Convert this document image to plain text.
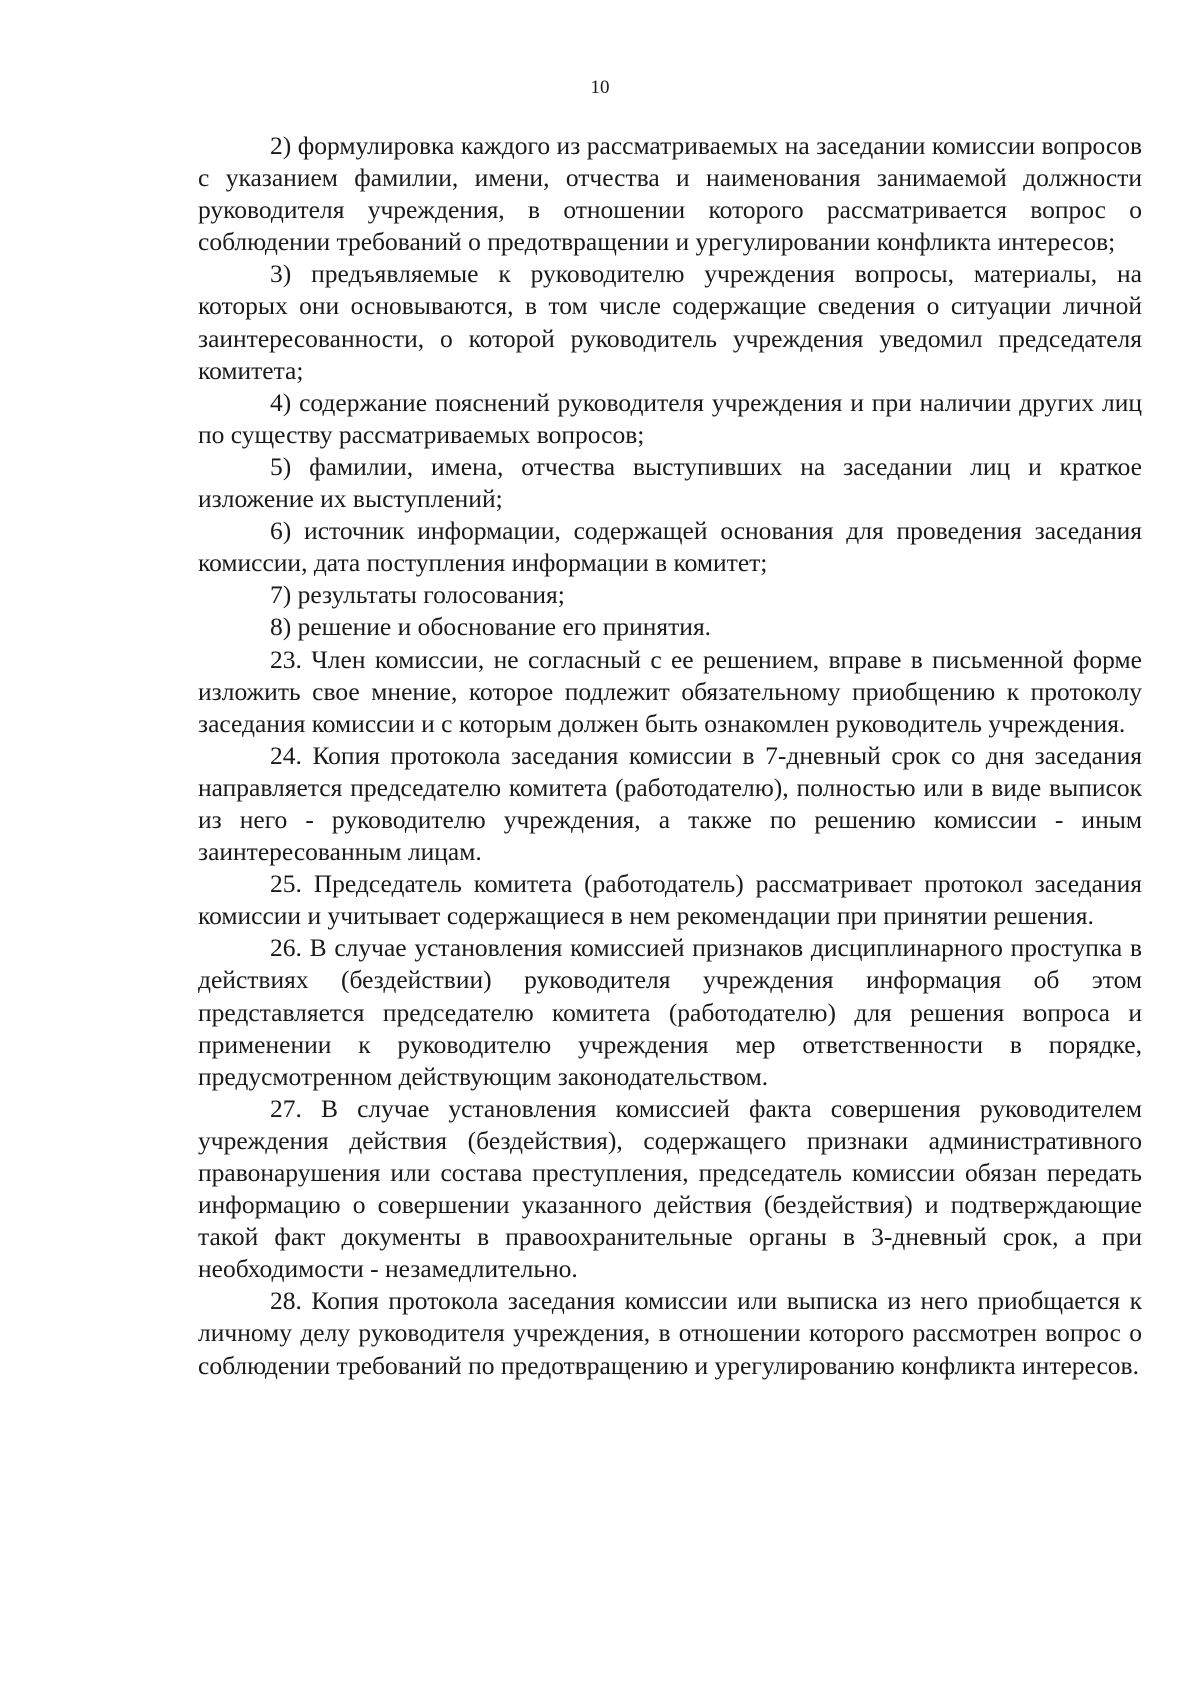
10

2) формулировка каждого из рассматриваемых на заседании комиссии вопросов с указанием фамилии, имени, отчества и наименования занимаемой должности руководителя учреждения, в отношении которого рассматривается вопрос о соблюдении требований о предотвращении и урегулировании конфликта интересов;

3) предъявляемые к руководителю учреждения вопросы, материалы, на которых они основываются, в том числе содержащие сведения о ситуации личной заинтересованности, о которой руководитель учреждения уведомил председателя комитета;

4) содержание пояснений руководителя учреждения и при наличии других лиц по существу рассматриваемых вопросов;

5) фамилии, имена, отчества выступивших на заседании лиц и краткое изложение их выступлений;

6) источник информации, содержащей основания для проведения заседания комиссии, дата поступления информации в комитет;

7) результаты голосования;

8) решение и обоснование его принятия.

23. Член комиссии, не согласный с ее решением, вправе в письменной форме изложить свое мнение, которое подлежит обязательному приобщению к протоколу заседания комиссии и с которым должен быть ознакомлен руководитель учреждения.

24. Копия протокола заседания комиссии в 7-дневный срок со дня заседания направляется председателю комитета (работодателю), полностью или в виде выписок из него - руководителю учреждения, а также по решению комиссии - иным заинтересованным лицам.

25. Председатель комитета (работодатель) рассматривает протокол заседания комиссии и учитывает содержащиеся в нем рекомендации при принятии решения.

26. В случае установления комиссией признаков дисциплинарного проступка в действиях (бездействии) руководителя учреждения информация об этом представляется председателю комитета (работодателю) для решения вопроса и применении к руководителю учреждения мер ответственности в порядке, предусмотренном действующим законодательством.

27. В случае установления комиссией факта совершения руководителем учреждения действия (бездействия), содержащего признаки административного правонарушения или состава преступления, председатель комиссии обязан передать информацию о совершении указанного действия (бездействия) и подтверждающие такой факт документы в правоохранительные органы в 3-дневный срок, а при необходимости - незамедлительно.

28. Копия протокола заседания комиссии или выписка из него приобщается к личному делу руководителя учреждения, в отношении которого рассмотрен вопрос о соблюдении требований по предотвращению и урегулированию конфликта интересов.
